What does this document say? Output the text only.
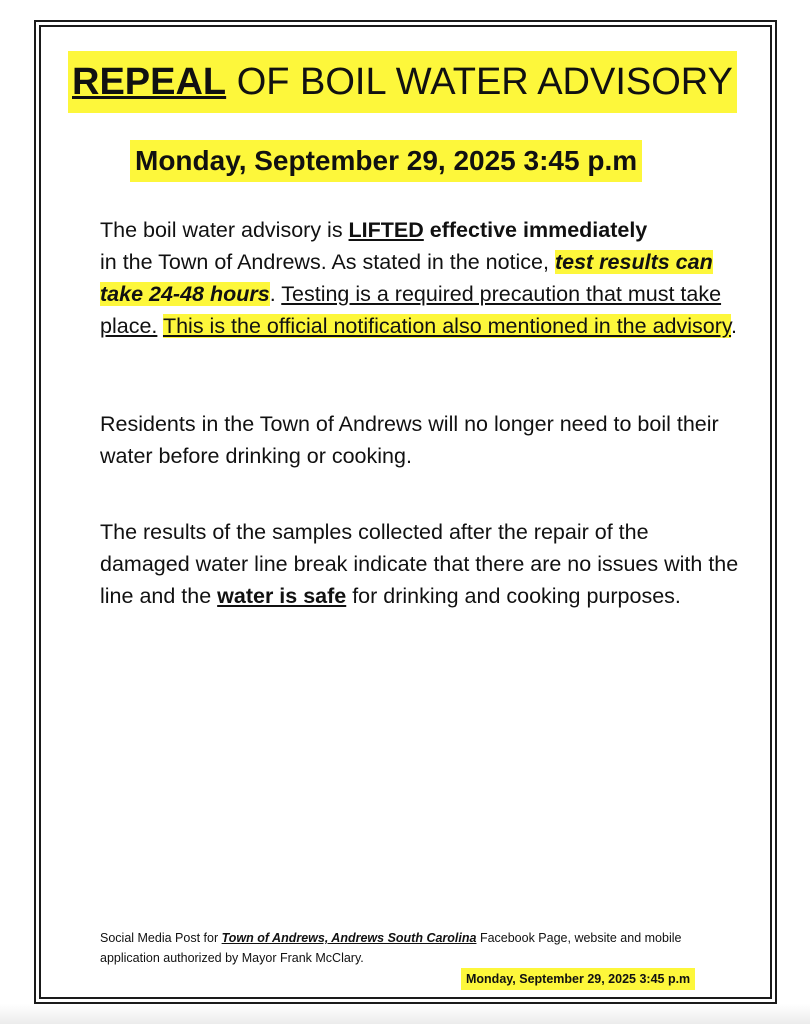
REPEAL OF BOIL WATER ADVISORY
Monday, September 29, 2025 3:45 p.m
The boil water advisory is LIFTED effective immediately
in the Town of Andrews. As stated in the notice, test results can take 24-48 hours. Testing is a required precaution that must take place. This is the official notification also mentioned in the advisory.
Residents in the Town of Andrews will no longer need to boil their water before drinking or cooking.
The results of the samples collected after the repair of the damaged water line break indicate that there are no issues with the line and the water is safe for drinking and cooking purposes.
Social Media Post for Town of Andrews, Andrews South Carolina Facebook Page, website and mobile application authorized by Mayor Frank McClary.
Monday, September 29, 2025 3:45 p.m
